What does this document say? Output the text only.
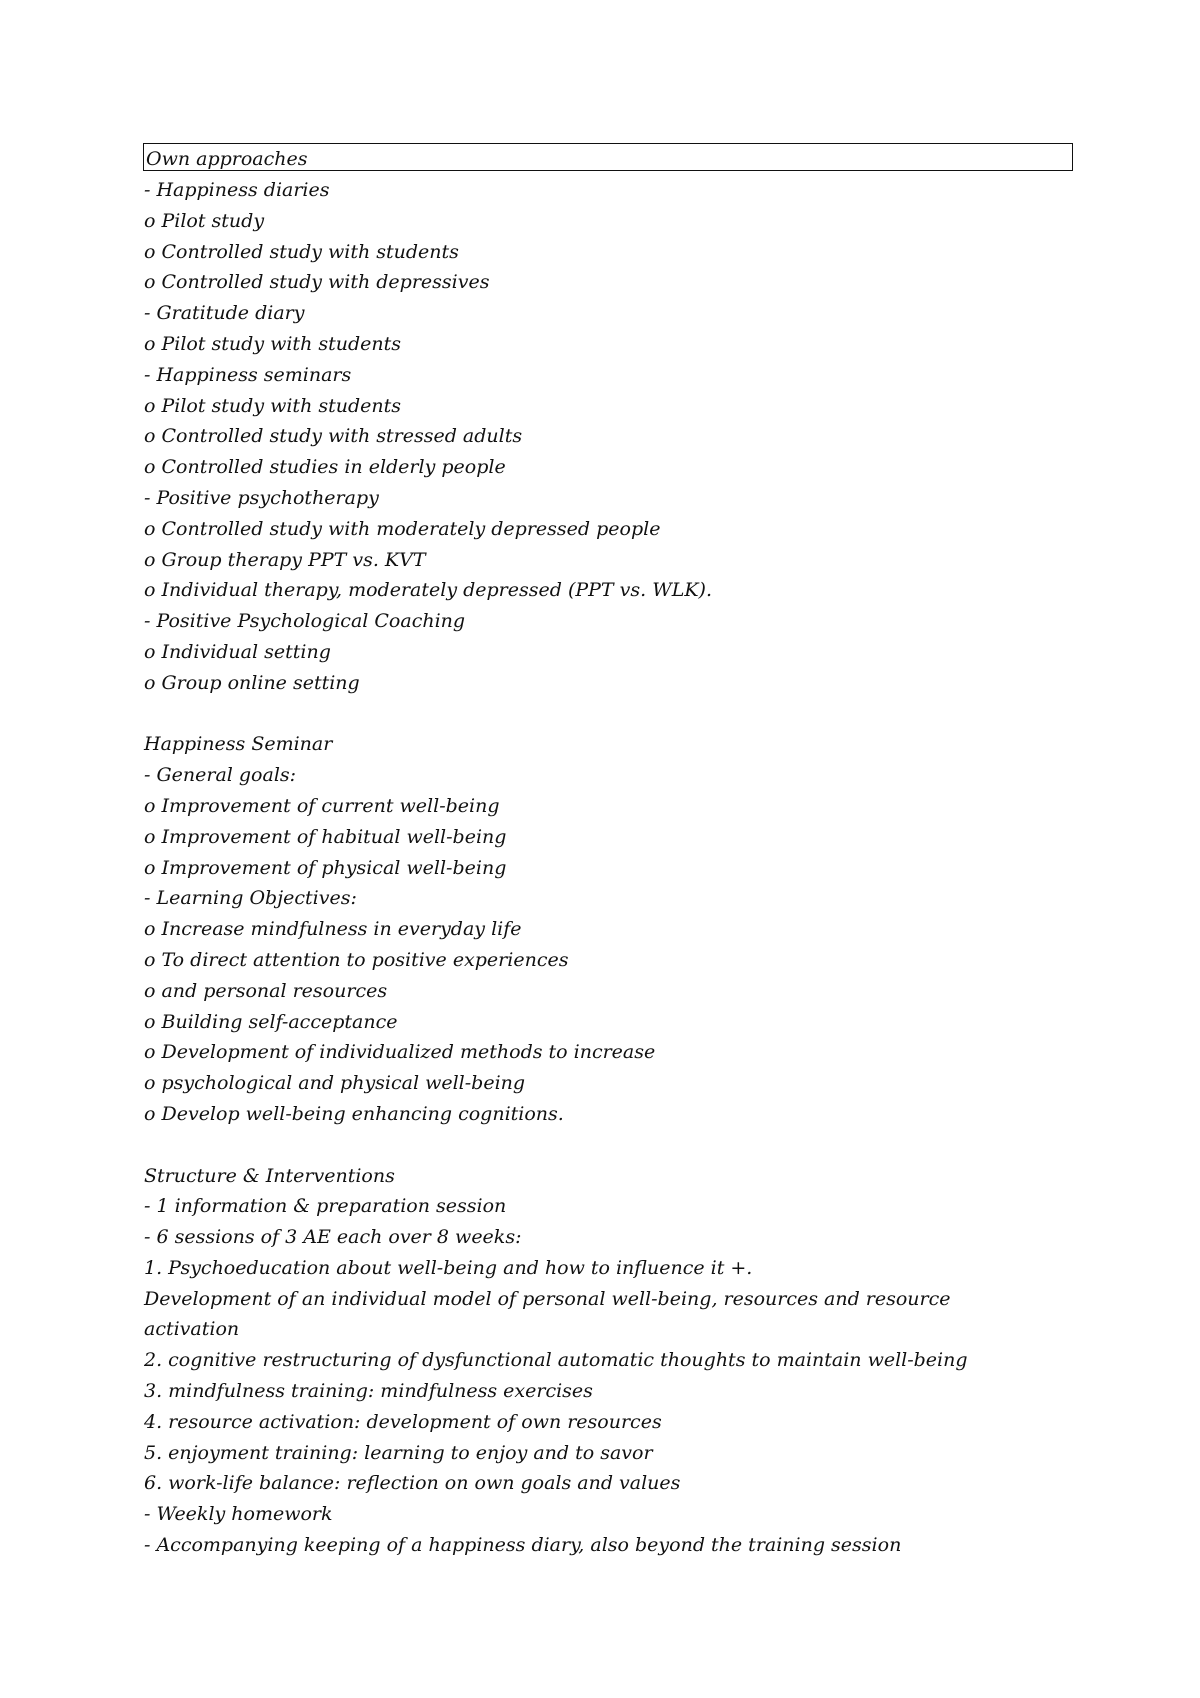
Own approaches
- Happiness diaries
o Pilot study
o Controlled study with students
o Controlled study with depressives
- Gratitude diary
o Pilot study with students
- Happiness seminars
o Pilot study with students
o Controlled study with stressed adults
o Controlled studies in elderly people
- Positive psychotherapy
o Controlled study with moderately depressed people
o Group therapy PPT vs. KVT
o Individual therapy, moderately depressed (PPT vs. WLK).
- Positive Psychological Coaching
o Individual setting
o Group online setting
Happiness Seminar
- General goals:
o Improvement of current well-being
o Improvement of habitual well-being
o Improvement of physical well-being
- Learning Objectives:
o Increase mindfulness in everyday life
o To direct attention to positive experiences
o and personal resources
o Building self-acceptance
o Development of individualized methods to increase
o psychological and physical well-being
o Develop well-being enhancing cognitions.
Structure & Interventions
- 1 information & preparation session
- 6 sessions of 3 AE each over 8 weeks:
1. Psychoeducation about well-being and how to influence it +.
Development of an individual model of personal well-being, resources and resource
activation
2. cognitive restructuring of dysfunctional automatic thoughts to maintain well-being
3. mindfulness training: mindfulness exercises
4. resource activation: development of own resources
5. enjoyment training: learning to enjoy and to savor
6. work-life balance: reflection on own goals and values
- Weekly homework
- Accompanying keeping of a happiness diary, also beyond the training session
